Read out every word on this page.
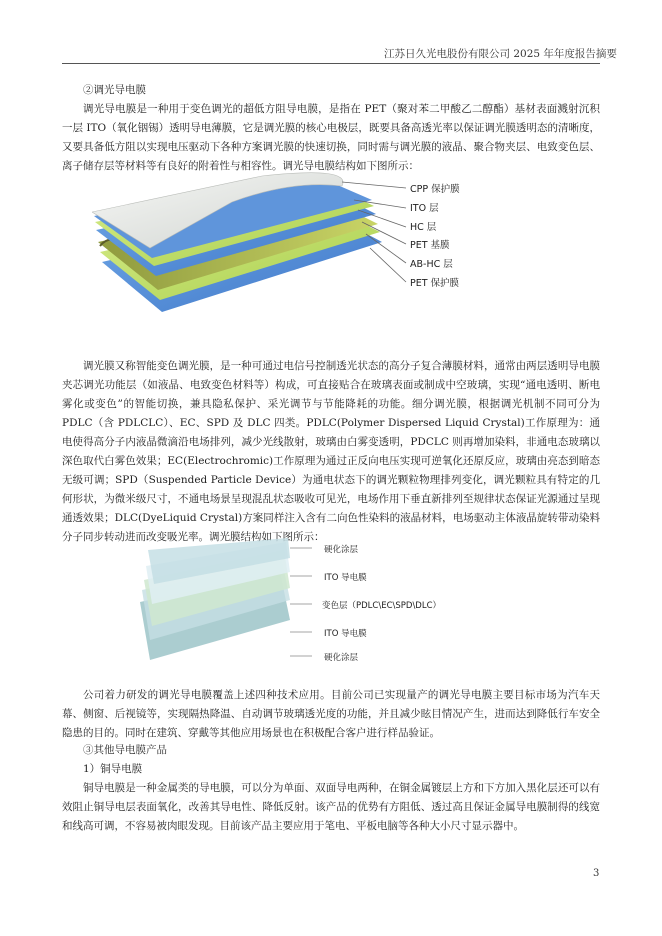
江苏日久光电股份有限公司 2025 年年度报告摘要
②调光导电膜
调光导电膜是一种用于变色调光的超低方阻导电膜，是指在 PET（聚对苯二甲酸乙二醇酯）基材表面溅射沉积一层 ITO（氧化铟锡）透明导电薄膜，它是调光膜的核心电极层，既要具备高透光率以保证调光膜透明态的清晰度，又要具备低方阻以实现电压驱动下各种方案调光膜的快速切换，同时需与调光膜的液晶、聚合物夹层、电致变色层、离子储存层等材料等有良好的附着性与相容性。调光导电膜结构如下图所示：
CPP 保护膜
ITO 层
HC 层
PET 基膜
AB-HC 层
PET 保护膜
调光膜又称智能变色调光膜，是一种可通过电信号控制透光状态的高分子复合薄膜材料，通常由两层透明导电膜夹芯调光功能层（如液晶、电致变色材料等）构成，可直接贴合在玻璃表面或制成中空玻璃，实现“通电透明、断电雾化或变色”的智能切换，兼具隐私保护、采光调节与节能降耗的功能。细分调光膜，根据调光机制不同可分为 PDLC（含 PDLCLC）、EC、SPD 及 DLC 四类。PDLC(Polymer Dispersed Liquid Crystal)工作原理为：通电使得高分子内液晶微滴沿电场排列，减少光线散射，玻璃由白雾变透明，PDCLC 则再增加染料，非通电态玻璃以深色取代白雾色效果；EC(Electrochromic)工作原理为通过正反向电压实现可逆氧化还原反应，玻璃由亮态到暗态无级可调；SPD（Suspended Particle Device）为通电状态下的调光颗粒物理排列变化，调光颗粒具有特定的几何形状，为微米级尺寸，不通电场景呈现混乱状态吸收可见光，电场作用下垂直新排列至规律状态保证光源通过呈现通透效果；DLC(DyeLiquid Crystal)方案同样注入含有二向色性染料的液晶材料，电场驱动主体液晶旋转带动染料分子同步转动进而改变吸光率。调光膜结构如下图所示：
硬化涂层
ITO 导电膜
变色层（PDLC\EC\SPD\DLC）
ITO 导电膜
硬化涂层
公司着力研发的调光导电膜覆盖上述四种技术应用。目前公司已实现量产的调光导电膜主要目标市场为汽车天幕、侧窗、后视镜等，实现隔热降温、自动调节玻璃透光度的功能，并且减少眩目情况产生，进而达到降低行车安全隐患的目的。同时在建筑、穿戴等其他应用场景也在积极配合客户进行样品验证。
③其他导电膜产品
1）铜导电膜
铜导电膜是一种金属类的导电膜，可以分为单面、双面导电两种，在铜金属镀层上方和下方加入黑化层还可以有效阻止铜导电层表面氧化，改善其导电性、降低反射。该产品的优势有方阻低、透过高且保证金属导电膜制得的线宽和线高可调，不容易被肉眼发现。目前该产品主要应用于笔电、平板电脑等各种大小尺寸显示器中。
3
